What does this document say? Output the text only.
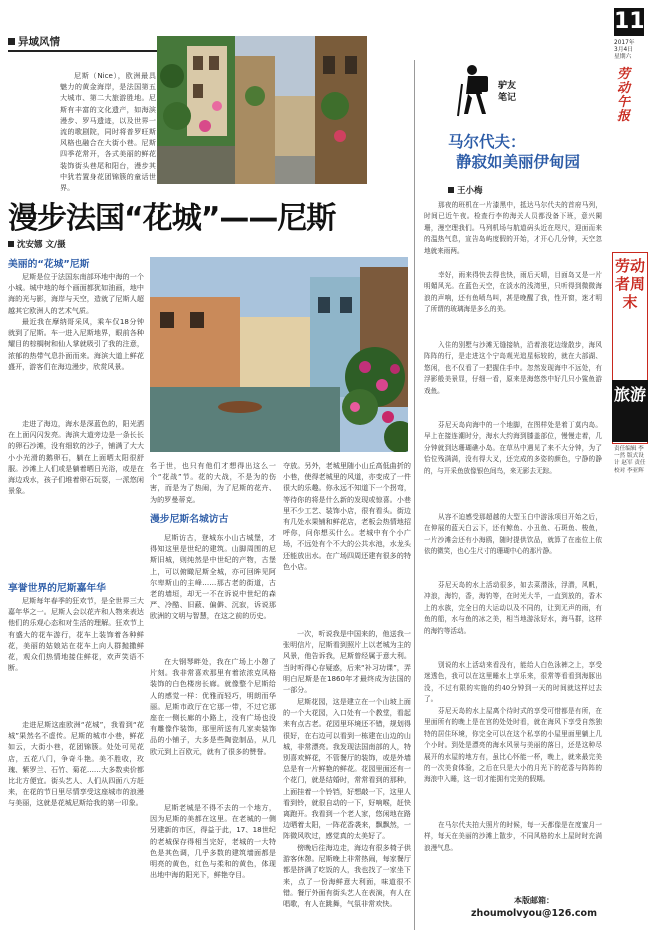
异域风情

尼斯（Nice），欧洲最具魅力的黄金海岸，是法国第五大城市、第二大旅游胜地。尼斯有丰富的文化遗产，如海滨漫步、罗马遗迹，以及世界一流的歌剧院，同时将普罗旺斯风格也融合在大街小巷。尼斯四季花常开，各式美丽的鲜花装饰街头巷尾和阳台，漫步其中犹若置身花团锦簇的童话世界。

漫步法国“花城”——尼斯
沈安娜 文/摄

美丽的“花城”尼斯

尼斯是位于法国东南部环地中海的一个小城。城中地的每个画面都犹如油画，地中海的光与影，海岸与天空，造就了尼斯人超越其它欧洲人的艺术气质。

最近我在摩纳哥采风，乘车仅18分钟就到了尼斯。车一进入尼斯地界，眼前各种耀目的棕榈树和仙人掌就吸引了我的注意，浓郁的热带气息扑面而来。海滨大道上鲜花盛开，游客们在海边漫步，欣赏风景。

走进了海边，海水是深蓝色的，阳光洒在上面闪闪发亮。海滨大道旁边是一条长长的卵石沙滩，没有细软的沙子，铺满了大大小小光滑的鹅卵石，躺在上面晒太阳很舒服。沙滩上人们或是躺着晒日光浴，或是在海边戏水，孩子们堆着卵石玩耍，一派悠闲景象。

享誉世界的尼斯嘉年华

尼斯每年春季的狂欢节，是全世界三大嘉年华之一。尼斯人会以花卉和人物来表达他们的乐观心态和对生活的理解。狂欢节上有盛大的花车游行，花车上装饰着各种鲜花，美丽的姑娘站在花车上向人群抛撒鲜花，观众们热情地接住鲜花，欢声笑语不断。

走进尼斯这座欧洲“花城”，我看到“花城”果然名不虚传。尼斯的城市小巷，鲜花如云，大街小巷，花团锦簇。处处可见花店，五花八门，争奇斗艳。美不胜收，玫瑰、紫罗兰、石竹、菊花……大多数卖价都比北方便宜。街头艺人、人们从四面八方赶来，在花的节日里尽情享受这座城市的浪漫与美丽，这就是花城尼斯给我的第一印象。

名于世，也只有他们才想得出这么一个“花战”节。花的大战，不是为的伤害，而是为了热闹，为了尼斯的花卉、为的罗曼蒂克。

漫步尼斯名城访古

尼斯访古，登城东小山古城堡，才得知这里是世纪的建筑。山脚周围的尼斯旧城，则纯然是中世纪的产物，古堡上，可以俯瞰尼斯全城，亦可回眸见阿尔卑斯山的主峰……那古老的街道，古老的墙垣，却无一不在诉说中世纪的森严、冷酷、旧蔽、偏僻、沉寂，诉说那欧洲的文明与智慧，在这之前的历史。

在大钢琴畔处，我在广场上小憩了片刻。我非常喜欢那里有着浓浓克风格装饰的白色楼房长廊。就像整个尼斯给人的感觉一样：优雅而轻巧，明朗而华丽。尼斯市政厅在它那一带，不过它那座在一侧长廊的小路上，没有广场也没有雕像作装饰，那里所送有几家卖装饰品的小铺子，大多是些陶瓷制品，从几欧元到上百欧元，就有了很多的赞誉。

尼斯老城是不得不去的一个地方，因为尼斯的美都在这里。在老城的一侧另建新的市区，得益于此，17、18世纪的老城保存得相当完好，老城的一大特色是其色调，几乎多数的建筑墙面都是明亮的黄色，红色与柔和的黄色，体现出地中海的阳光下，鲜艳夺目。

夺放。另外，老城里随小山丘高低曲折的小巷，使得老城里的风道，亦变成了一件很大的乐趣。你永远不知道下一个拐弯，等待你的将是什么新的发现或惊喜。小巷里不少工艺、装饰小店，很有看头。街边有几处水果铺和鲜花店，老板会热情地招呼你，问你想买什么。老城中有个小广场，不远处有个不大的公共水池，水龙头还能放出水。在广场四周还建有很多的特色小店。

一次，听说我是中国来的，他送我一张明信片，尼斯看到照片上以老城为主的风景，他告诉我，尼斯曾经属于意大利。当时听得心存疑惑，后来“补习功课”，弄明白尼斯是在1860年才最终成为法国的一部分。

尼斯花园，这是建立在一个山坡上面的一个大花园，入口处有一个教堂，看起来有点古老。花园里环境还不错，规划得很好，在右边可以看到一栋建在山边的山城，非常漂亮。我发现法国南部的人，特别喜欢鲜花，不管餐厅的装饰，或是外墙总是有一片鲜艳的鲜花。花园里面还有一个花门，就是结婚时，常常看到的那种，上面挂着一个铃铛，好想敲一下，这里人看到铃，就很自动的一下，好响喉，赶快离跑开。我看到一个老人家，悠闲地在路边晒着太阳，一阵花香袭来，飘飘然，一阵微风吹过，感觉真的太美好了。

傍晚后往海边走，海边有很多椅子供游客休憩。尼斯晚上非常热闹，每家餐厅都是挤满了吃饭的人，我也找了一家坐下来，点了一份海鲜意大利面，味道很不错。餐厅外面有街头艺人在表演，有人在唱歌，有人在跳舞，气氛非常欢快。

11
2017年
3月4日
星期六
劳动午报
驴友
笔记
马尔代夫：
静寂如美丽伊甸园
王小梅

那夜的班机在一片漆黑中，抵达马尔代夫的首府马列，时间已近午夜。检查行李的海关人员都没备下班，意兴阑珊，漫空理我们。马列机场与航道码头近在咫尺，迎面而来的温热气息，宣告岛屿度假的开始，才开心几分钟，天空忽地就来雨两。

幸好，雨来得快去得也快，雨后天晴，目面岛又是一片明媚风光。在蓝色天空，在淡水的浅湾里，只听得到微微海浪的声响，还有鱼喷鸟叫，甚是晚醒了我，性开窗，迷才明了所谓的玻璃海是多么的美。

入住的别墅与沙滩无缝接轨，沿着浪花边缘散步，海风阵阵的行，是走进这个宁岛观光追星标较的，就在大部湖、悠闲，也不仅看了一把握住手中。忽然发现海中不远处，有浮影般美景显，仔细一看，原来是海悠然中好几只小鲨鱼游戏鱼。

芬尼天岛向海中的一个地脚，在图样处是着丁莫内岛。早上在接连潮时分，海水大约海到膝盖部位，慢慢走着，几分钟就到达珊瑚礁小岛。在草丛中遇见了来不大分钟，为了恰位残满满，没有得大叉，还完成的多姿的颜色，宁静的静的，与开采鱼放像银色间鸟，来无影去无踪。

从容不迫感受那超越的大型玉白中游泳项目开始之后，在伸展的蓝天白云下，还有鲸鱼、小丑鱼、石斑鱼、梭鱼，一片沙滩会还有小海鸥，随时提供饮品，就算了在座位上依依的微笑，也心生尺寸的珊瑚中心的那片静。

芬尼天岛的水上活动很多，如去菜潜泳，浮潜，风帆，冲浪，海钓，香，海钓等，在时光大半，一直到放的，香木上的水族，完全日的大运动以及不同的，让到无声的雨，有鱼的船，水与鱼的冰之美，相当地游泳好水，海马群，这样的海钓等活动。

别说的水上活动来看没有，能给人白色泳裤之上，享受迷透色，我可以在这里睡水上享乐来，很常等看看到海豚出没，不过有限的实施的约40分钟到一天的时间就这样过去了。

芬尼天岛的水上屋离个待时式的享受可惜都是有所，在里面所有的晚上是在宫的处处时看，就在海风下享受自然独特的居住环境，你完全可以在这个私享的小屋里面里躺上几个小时。到处是漂亮的海水风景与美丽的落日，还是这种尽展开的水屋的地方有，虽比心怀能一杯，晚上，就来最完美的一次美食体验，之后在只是大小的月光下的花香与阵阵的海浪中入睡，这一切才能拥有完美的假期。

在马尔代夫拍大照片的时候，每一天都像是在度蜜月一样，每天在美丽的沙滩上散步，不同风格的水上屋时时充满浪漫气息。

劳动者周末
旅游
责任编辑 李一然 版式设计 赵军 责任校对 李亚辉
本版邮箱：
zhoumolvyou@126.com
